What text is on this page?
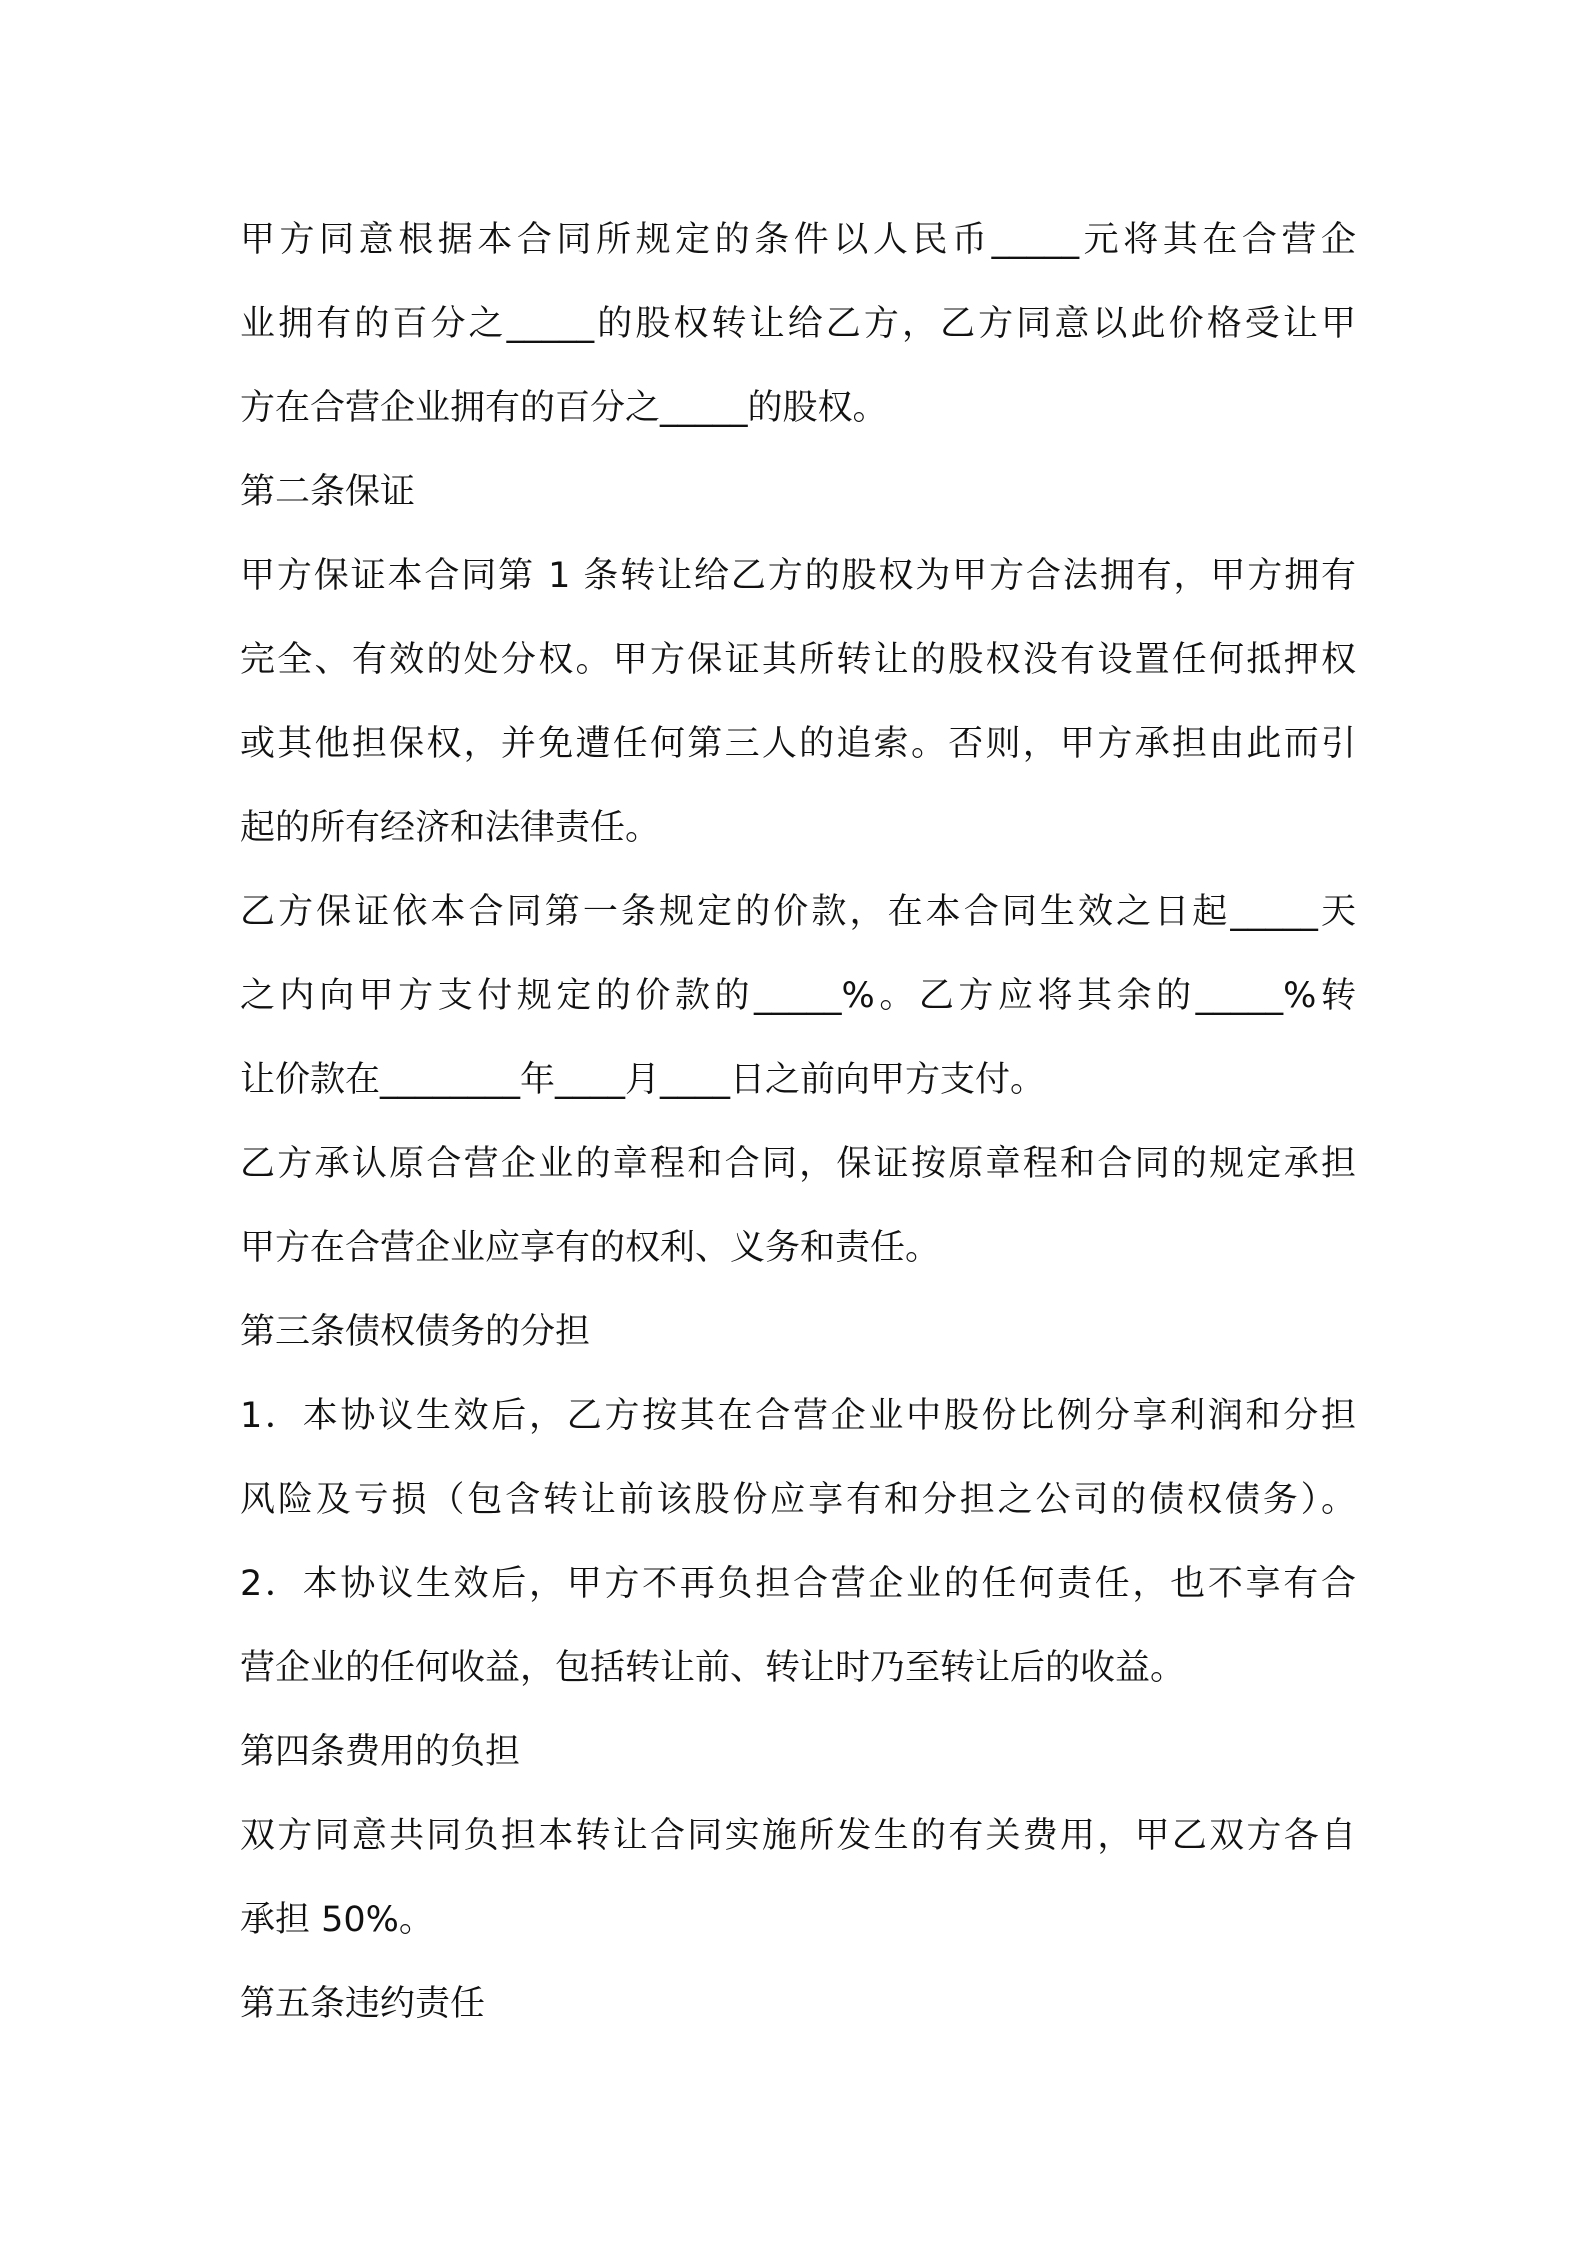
甲方同意根据本合同所规定的条件以人民币_____元将其在合营企
业拥有的百分之_____的股权转让给乙方，乙方同意以此价格受让甲
方在合营企业拥有的百分之_____的股权。
第二条保证
甲方保证本合同第 1 条转让给乙方的股权为甲方合法拥有，甲方拥有
完全、有效的处分权。甲方保证其所转让的股权没有设置任何抵押权
或其他担保权，并免遭任何第三人的追索。否则，甲方承担由此而引
起的所有经济和法律责任。
乙方保证依本合同第一条规定的价款，在本合同生效之日起_____天
之内向甲方支付规定的价款的_____%。乙方应将其余的_____%转
让价款在________年____月____日之前向甲方支付。
乙方承认原合营企业的章程和合同，保证按原章程和合同的规定承担
甲方在合营企业应享有的权利、义务和责任。
第三条债权债务的分担
1．本协议生效后，乙方按其在合营企业中股份比例分享利润和分担
风险及亏损（包含转让前该股份应享有和分担之公司的债权债务）。
2．本协议生效后，甲方不再负担合营企业的任何责任，也不享有合
营企业的任何收益，包括转让前、转让时乃至转让后的收益。
第四条费用的负担
双方同意共同负担本转让合同实施所发生的有关费用，甲乙双方各自
承担 50%。
第五条违约责任
